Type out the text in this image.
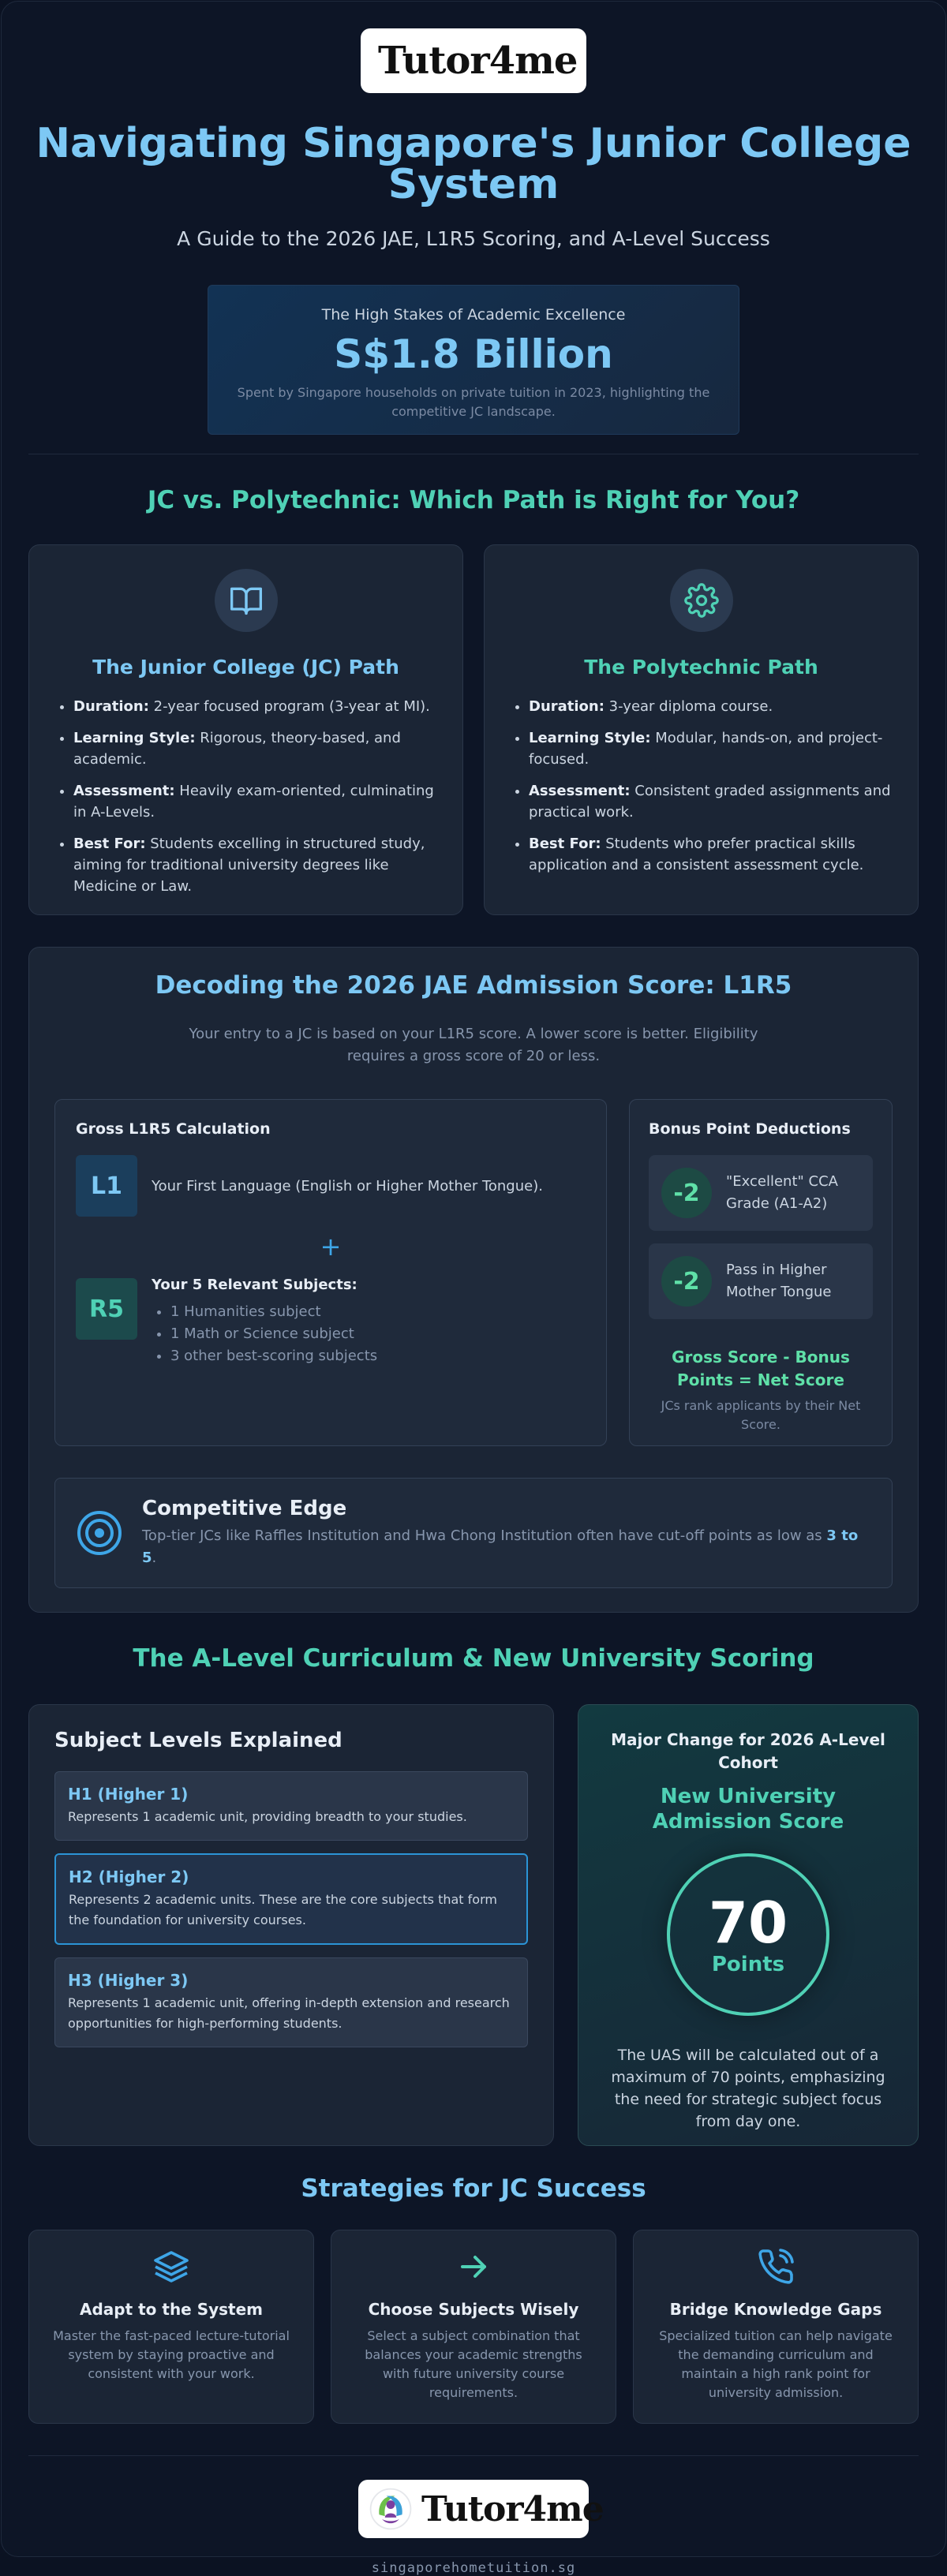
Tutor4me
Navigating Singapore's Junior College System

A Guide to the 2026 JAE, L1R5 Scoring, and A-Level Success

The High Stakes of Academic Excellence
S$1.8 Billion
Spent by Singapore households on private tuition in 2023, highlighting the competitive JC landscape.
JC vs. Polytechnic: Which Path is Right for You?
The Junior College (JC) Path
• Duration: 2-year focused program (3-year at MI).
• Learning Style: Rigorous, theory-based, and academic.
• Assessment: Heavily exam-oriented, culminating in A-Levels.
• Best For: Students excelling in structured study, aiming for traditional university degrees like Medicine or Law.
The Polytechnic Path
• Duration: 3-year diploma course.
• Learning Style: Modular, hands-on, and project-focused.
• Assessment: Consistent graded assignments and practical work.
• Best For: Students who prefer practical skills application and a consistent assessment cycle.
Decoding the 2026 JAE Admission Score: L1R5

Your entry to a JC is based on your L1R5 score. A lower score is better. Eligibility requires a gross score of 20 or less.

Gross L1R5 Calculation
L1	Your First Language (English or Higher Mother Tongue).
+
R5
Your 5 Relevant Subjects:
• 1 Humanities subject
• 1 Math or Science subject
• 3 other best-scoring subjects
Bonus Point Deductions
-2	"Excellent" CCA Grade (A1-A2)
-2	Pass in Higher Mother Tongue
Gross Score - Bonus Points = Net Score
JCs rank applicants by their Net Score.
Competitive Edge
Top-tier JCs like Raffles Institution and Hwa Chong Institution often have cut-off points as low as 3 to 5.
The A-Level Curriculum & New University Scoring
Subject Levels Explained
H1 (Higher 1)
Represents 1 academic unit, providing breadth to your studies.
H2 (Higher 2)
Represents 2 academic units. These are the core subjects that form the foundation for university courses.
H3 (Higher 3)
Represents 1 academic unit, offering in-depth extension and research opportunities for high-performing students.
Major Change for 2026 A-Level Cohort
New University Admission Score
70
Points
The UAS will be calculated out of a maximum of 70 points, emphasizing the need for strategic subject focus from day one.
Strategies for JC Success
Adapt to the System
Master the fast-paced lecture-tutorial system by staying proactive and consistent with your work.
Choose Subjects Wisely
Select a subject combination that balances your academic strengths with future university course requirements.
Bridge Knowledge Gaps
Specialized tuition can help navigate the demanding curriculum and maintain a high rank point for university admission.
Tutor4me
singaporehometuition.sg
